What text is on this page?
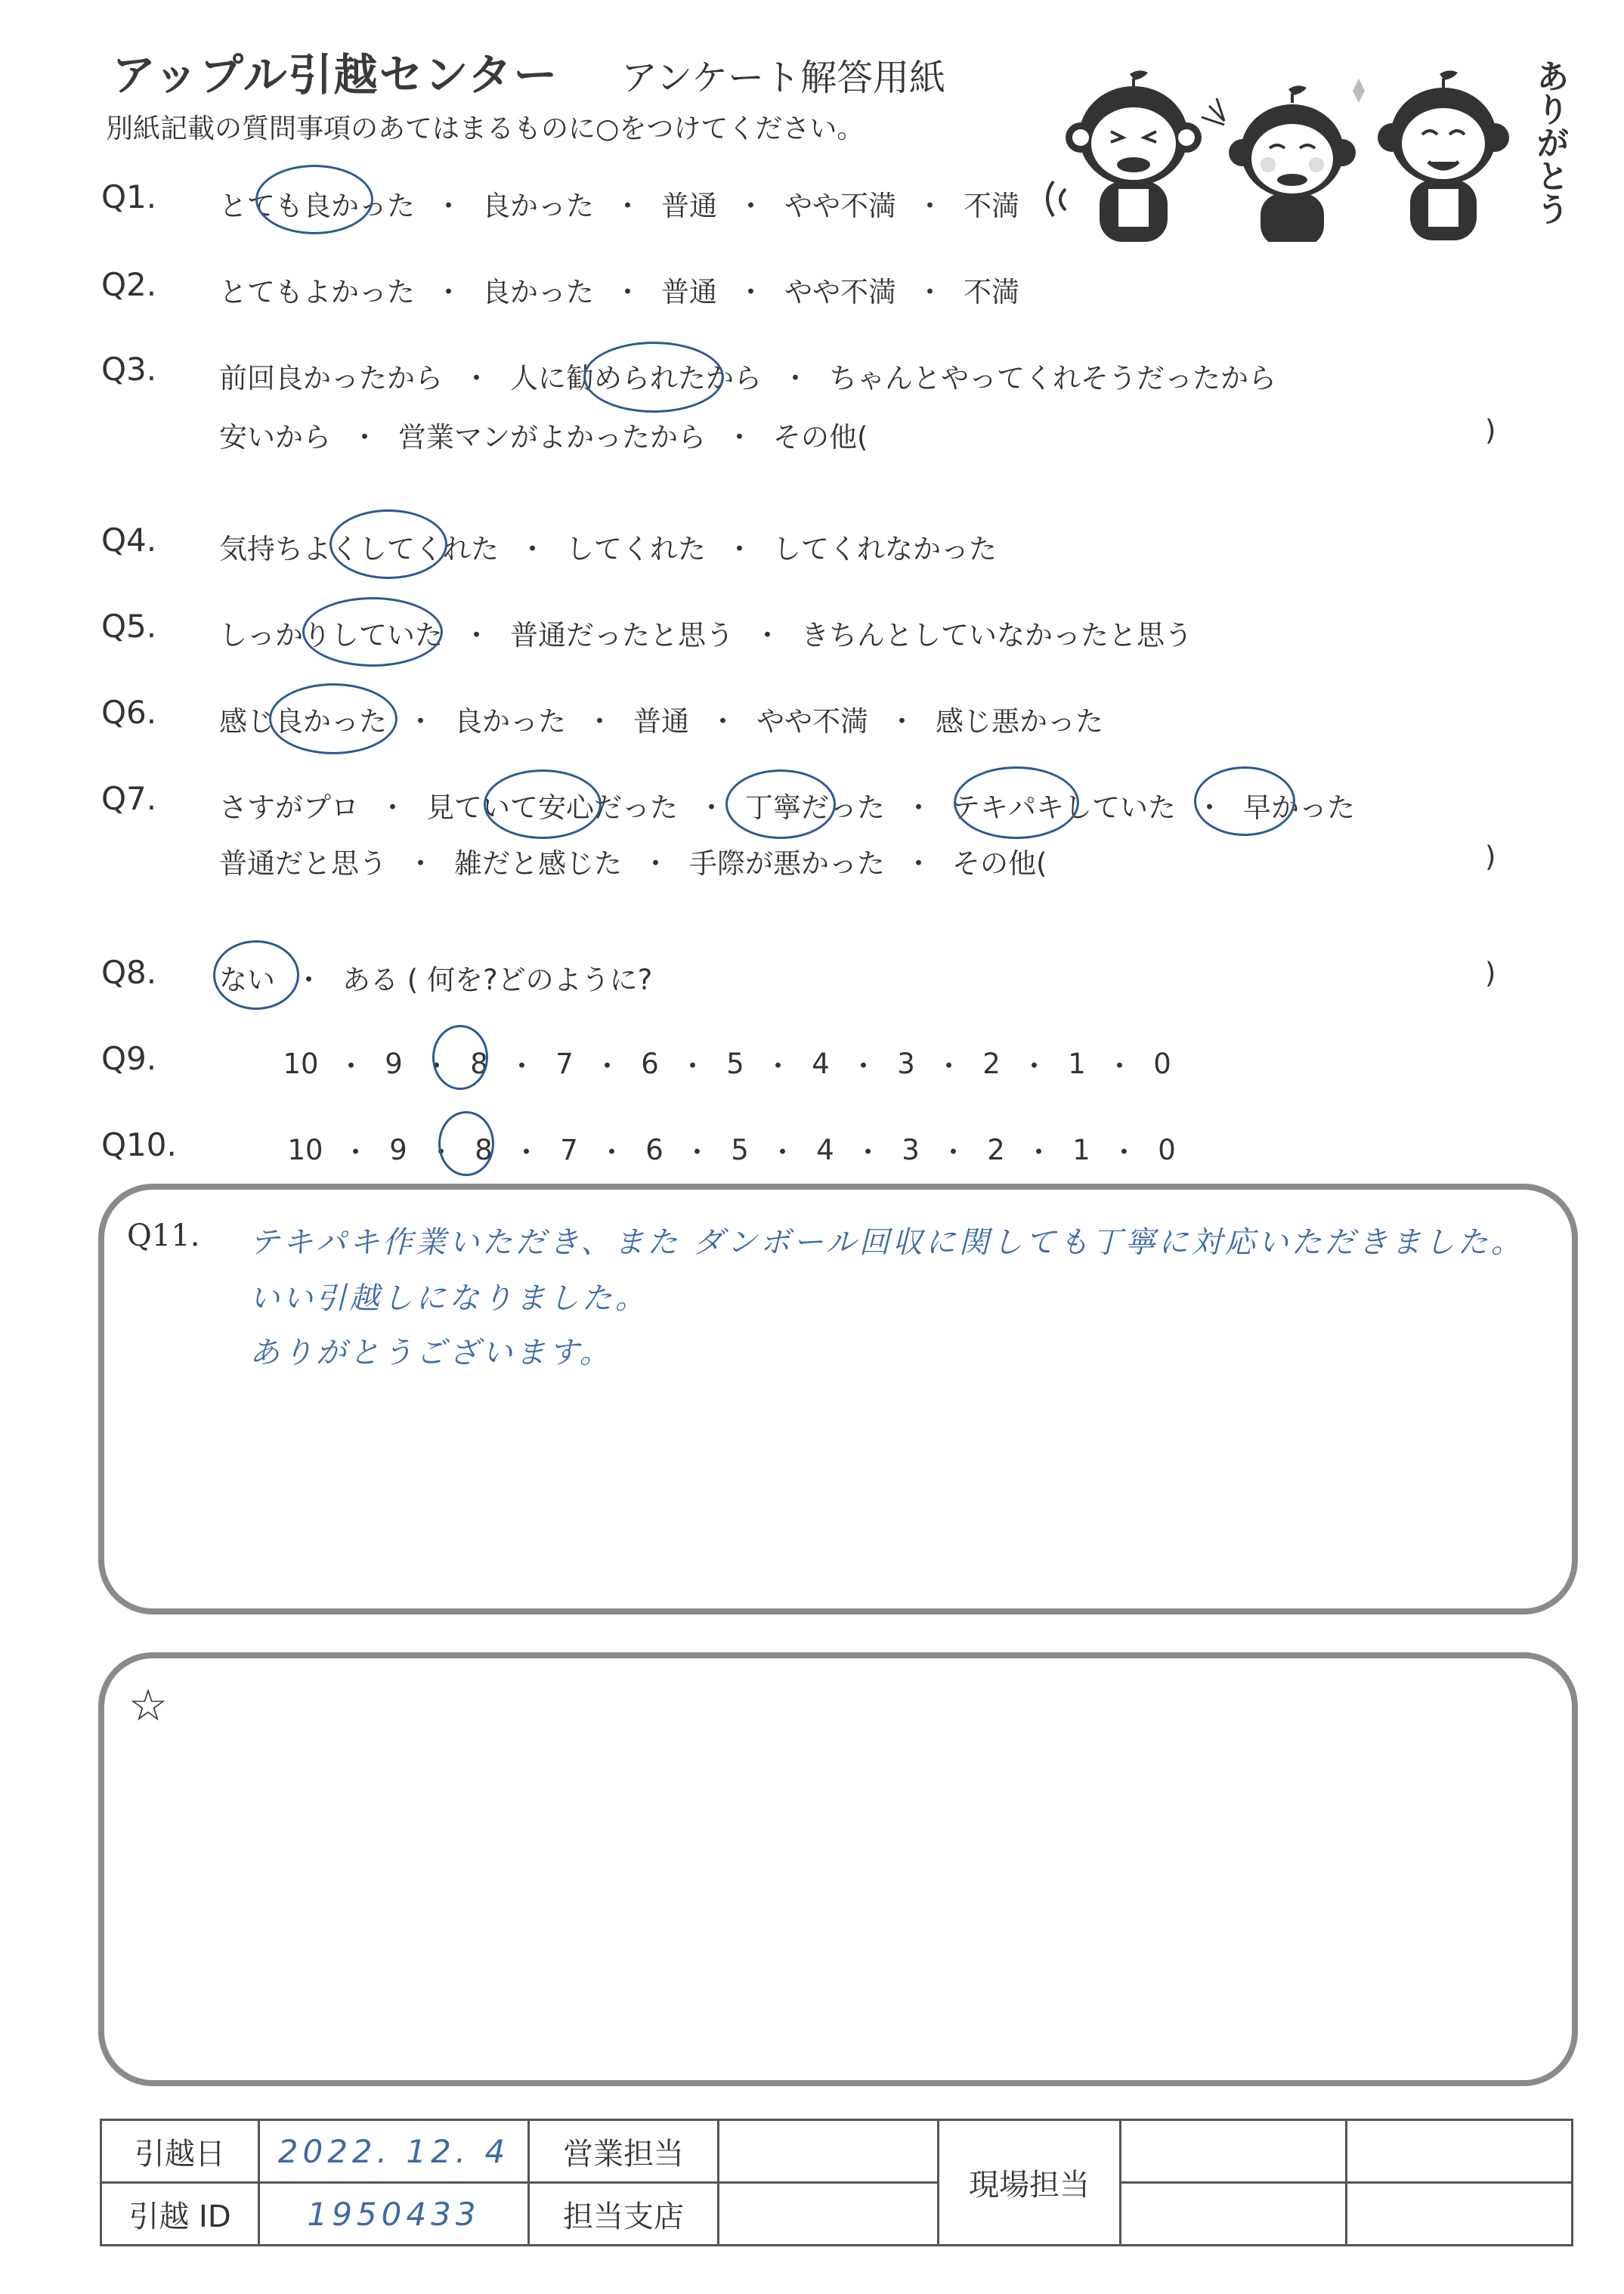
アップル引越センター アンケート解答用紙
別紙記載の質問事項のあてはまるものに○をつけてください。	ありがとう
Q1. とても良かった ・ 良かった ・ 普通 ・ やや不満 ・ 不満
Q2. とてもよかった ・ 良かった ・ 普通 ・ やや不満 ・ 不満
Q3. 前回良かったから ・ 人に勧められたから ・ ちゃんとやってくれそうだったから
安いから ・ 営業マンがよかったから ・ その他(	)
Q4. 気持ちよくしてくれた ・ してくれた ・ してくれなかった
Q5. しっかりしていた ・ 普通だったと思う ・ きちんとしていなかったと思う
Q6. 感じ良かった ・ 良かった ・ 普通 ・ やや不満 ・ 感じ悪かった
Q7. さすがプロ ・ 見ていて安心だった ・ 丁寧だった ・ テキパキしていた ・ 早かった
普通だと思う ・ 雑だと感じた ・ 手際が悪かった ・ その他(	)
Q8. ない ・ ある ( 何を?どのように?	)
Q9.	10 ・ 9 ・ 8 ・ 7 ・ 6 ・ 5 ・ 4 ・ 3 ・ 2 ・ 1 ・ 0
Q10.	10 ・ 9 ・ 8 ・ 7 ・ 6 ・ 5 ・ 4 ・ 3 ・ 2 ・ 1 ・ 0
Q11. テキパキ作業いただき、また ダンボール回収に関しても丁寧に対応いただきました。
いい引越しになりました。
ありがとうございます。
☆
引越日	2022. 12. 4	営業担当		現場担当		
引越 ID	1950433	担当支店				
